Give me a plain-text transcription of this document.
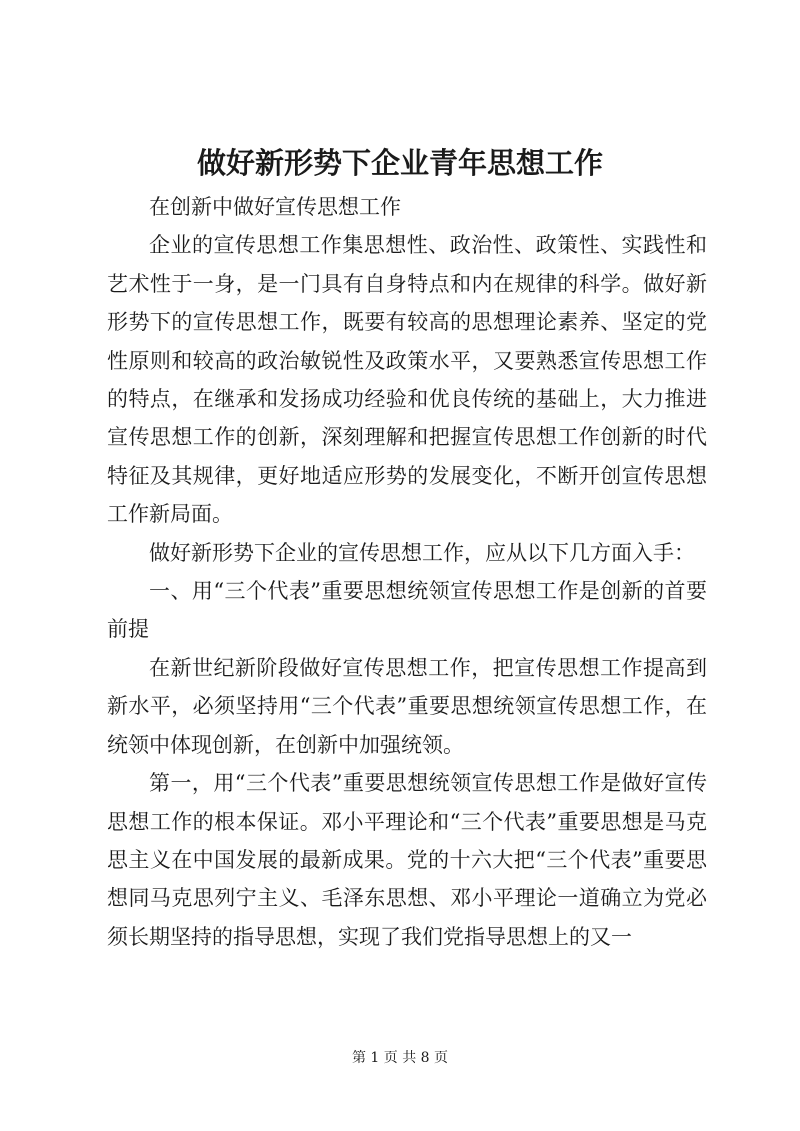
做好新形势下企业青年思想工作

在创新中做好宣传思想工作

企业的宣传思想工作集思想性、政治性、政策性、实践性和艺术性于一身，是一门具有自身特点和内在规律的科学。做好新形势下的宣传思想工作，既要有较高的思想理论素养、坚定的党性原则和较高的政治敏锐性及政策水平，又要熟悉宣传思想工作的特点，在继承和发扬成功经验和优良传统的基础上，大力推进宣传思想工作的创新，深刻理解和把握宣传思想工作创新的时代特征及其规律，更好地适应形势的发展变化，不断开创宣传思想工作新局面。

做好新形势下企业的宣传思想工作，应从以下几方面入手：

一、用“三个代表”重要思想统领宣传思想工作是创新的首要前提

在新世纪新阶段做好宣传思想工作，把宣传思想工作提高到新水平，必须坚持用“三个代表”重要思想统领宣传思想工作，在统领中体现创新，在创新中加强统领。

第一，用“三个代表”重要思想统领宣传思想工作是做好宣传思想工作的根本保证。邓小平理论和“三个代表”重要思想是马克思主义在中国发展的最新成果。党的十六大把“三个代表”重要思想同马克思列宁主义、毛泽东思想、邓小平理论一道确立为党必须长期坚持的指导思想，实现了我们党指导思想上的又一

第 1 页 共 8 页
